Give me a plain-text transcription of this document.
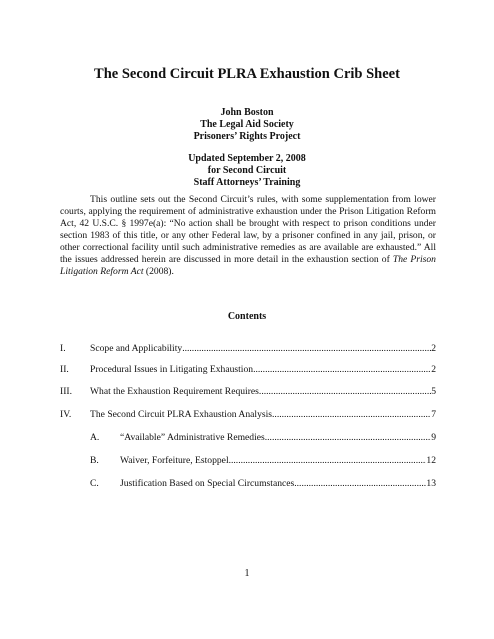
The Second Circuit PLRA Exhaustion Crib Sheet
John Boston
The Legal Aid Society
Prisoners’ Rights Project
Updated September 2, 2008
for Second Circuit
Staff Attorneys’ Training

This outline sets out the Second Circuit’s rules, with some supplementation from lower courts, applying the requirement of administrative exhaustion under the Prison Litigation Reform Act, 42 U.S.C. § 1997e(a): “No action shall be brought with respect to prison conditions under section 1983 of this title, or any other Federal law, by a prisoner confined in any jail, prison, or other correctional facility until such administrative remedies as are available are exhausted.” All the issues addressed herein are discussed in more detail in the exhaustion section of The Prison Litigation Reform Act (2008).

Contents
I.	Scope and Applicability .....	2
II.	Procedural Issues in Litigating Exhaustion .....	2
III.	What the Exhaustion Requirement Requires .....	5
IV.	The Second Circuit PLRA Exhaustion Analysis .....	7
A.	“Available” Administrative Remedies .....	9
B.	Waiver, Forfeiture, Estoppel .....	12
C.	Justification Based on Special Circumstances .....	13
1
